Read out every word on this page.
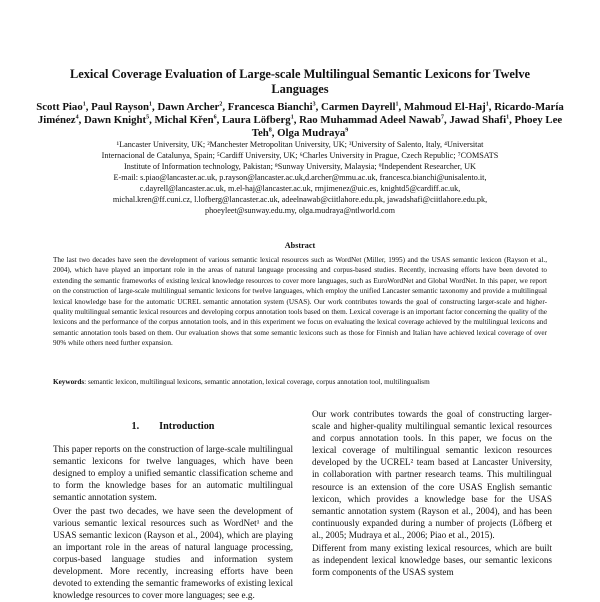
Lexical Coverage Evaluation of Large-scale Multilingual Semantic Lexicons for Twelve Languages
Scott Piao$^1$, Paul Rayson$^1$, Dawn Archer$^2$, Francesca Bianchi$^3$, Carmen Dayrell$^1$, Mahmoud El-Haj$^1$, Ricardo-María Jiménez$^4$, Dawn Knight$^5$, Michal Křen$^6$, Laura Löfberg$^1$, Rao Muhammad Adeel Nawab$^7$, Jawad Shafi$^1$, Phoey Lee Teh$^8$, Olga Mudraya$^9$
¹Lancaster University, UK; ²Manchester Metropolitan University, UK; ³University of Salento, Italy, ⁴Universitat
Internacional de Catalunya, Spain; ⁵Cardiff University, UK; ⁶Charles University in Prague, Czech Republic; ⁷COMSATS
Institute of Information technology, Pakistan; ⁸Sunway University, Malaysia; ⁹Independent Researcher, UK
E-mail: s.piao@lancaster.ac.uk, p.rayson@lancaster.ac.uk,d.archer@mmu.ac.uk, francesca.bianchi@unisalento.it,
c.dayrell@lancaster.ac.uk, m.el-haj@lancaster.ac.uk, rmjimenez@uic.es, knightd5@cardiff.ac.uk,
michal.kren@ff.cuni.cz, l.lofberg@lancaster.ac.uk, adeelnawab@ciitlahore.edu.pk, jawadshafi@ciitlahore.edu.pk,
phoeyleet@sunway.edu.my, olga.mudraya@ntlworld.com
Abstract
The last two decades have seen the development of various semantic lexical resources such as WordNet (Miller, 1995) and the USAS semantic lexicon (Rayson et al., 2004), which have played an important role in the areas of natural language processing and corpus-based studies. Recently, increasing efforts have been devoted to extending the semantic frameworks of existing lexical knowledge resources to cover more languages, such as EuroWordNet and Global WordNet. In this paper, we report on the construction of large-scale multilingual semantic lexicons for twelve languages, which employ the unified Lancaster semantic taxonomy and provide a multilingual lexical knowledge base for the automatic UCREL semantic annotation system (USAS). Our work contributes towards the goal of constructing larger-scale and higher-quality multilingual semantic lexical resources and developing corpus annotation tools based on them. Lexical coverage is an important factor concerning the quality of the lexicons and the performance of the corpus annotation tools, and in this experiment we focus on evaluating the lexical coverage achieved by the multilingual lexicons and semantic annotation tools based on them. Our evaluation shows that some semantic lexicons such as those for Finnish and Italian have achieved lexical coverage of over 90% while others need further expansion.
Keywords: semantic lexicon, multilingual lexicons, semantic annotation, lexical coverage, corpus annotation tool, multilingualism
1. Introduction

This paper reports on the construction of large-scale multilingual semantic lexicons for twelve languages, which have been designed to employ a unified semantic classification scheme and to form the knowledge bases for an automatic multilingual semantic annotation system.

Over the past two decades, we have seen the development of various semantic lexical resources such as WordNet¹ and the USAS semantic lexicon (Rayson et al., 2004), which are playing an important role in the areas of natural language processing, corpus-based language studies and information system development. More recently, increasing efforts have been devoted to extending the semantic frameworks of existing lexical knowledge resources to cover more languages; see e.g.

Our work contributes towards the goal of constructing larger-scale and higher-quality multilingual semantic lexical resources and corpus annotation tools. In this paper, we focus on the lexical coverage of multilingual semantic lexicon resources developed by the UCREL² team based at Lancaster University, in collaboration with partner research teams. This multilingual resource is an extension of the core USAS English semantic lexicon, which provides a knowledge base for the USAS semantic annotation system (Rayson et al., 2004), and has been continuously expanded during a number of projects (Löfberg et al., 2005; Mudraya et al., 2006; Piao et al., 2015).

Different from many existing lexical resources, which are built as independent lexical knowledge bases, our semantic lexicons form components of the USAS system
